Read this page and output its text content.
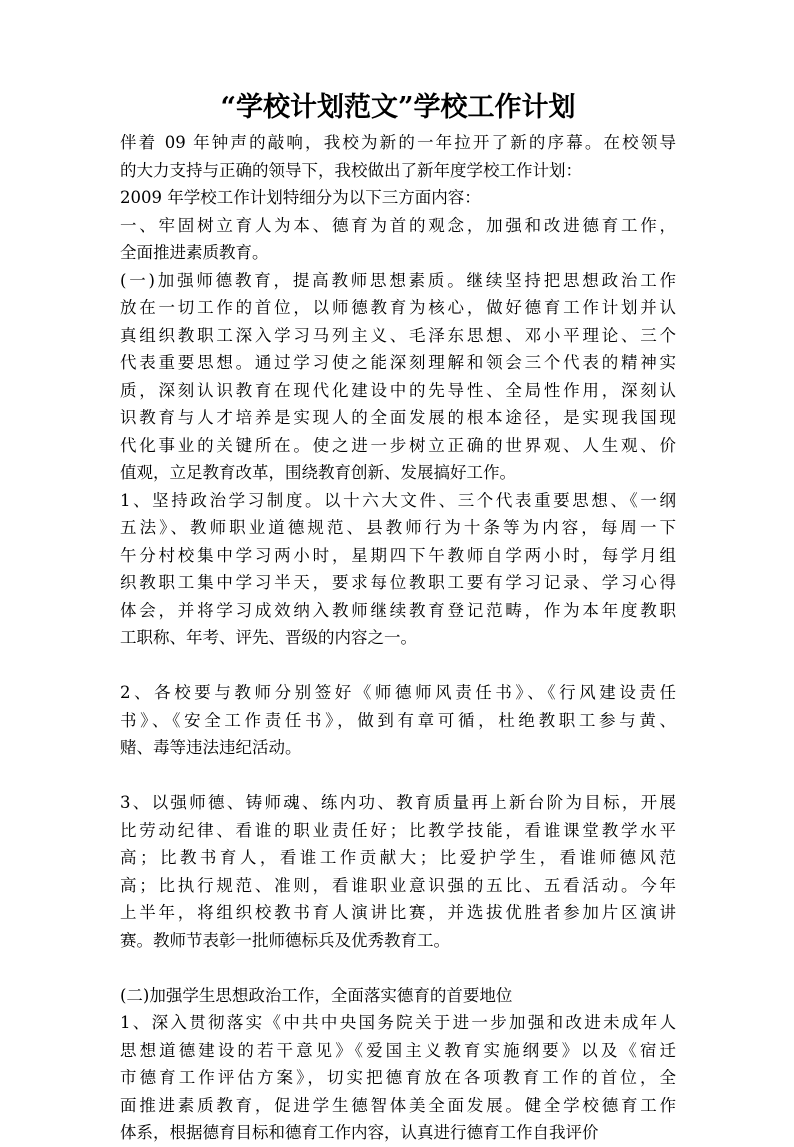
“学校计划范文”学校工作计划
伴着 09 年钟声的敲响，我校为新的一年拉开了新的序幕。在校领导
的大力支持与正确的领导下，我校做出了新年度学校工作计划：
2009 年学校工作计划特细分为以下三方面内容：
一、牢固树立育人为本、德育为首的观念，加强和改进德育工作，
全面推进素质教育。
(一)加强师德教育，提高教师思想素质。继续坚持把思想政治工作
放在一切工作的首位，以师德教育为核心，做好德育工作计划并认
真组织教职工深入学习马列主义、毛泽东思想、邓小平理论、三个
代表重要思想。通过学习使之能深刻理解和领会三个代表的精神实
质，深刻认识教育在现代化建设中的先导性、全局性作用，深刻认
识教育与人才培养是实现人的全面发展的根本途径，是实现我国现
代化事业的关键所在。使之进一步树立正确的世界观、人生观、价
值观，立足教育改革，围绕教育创新、发展搞好工作。
1、坚持政治学习制度。以十六大文件、三个代表重要思想、《一纲
五法》、教师职业道德规范、县教师行为十条等为内容，每周一下
午分村校集中学习两小时，星期四下午教师自学两小时，每学月组
织教职工集中学习半天，要求每位教职工要有学习记录、学习心得
体会，并将学习成效纳入教师继续教育登记范畴，作为本年度教职
工职称、年考、评先、晋级的内容之一。
2、各校要与教师分别签好《师德师风责任书》、《行风建设责任
书》、《安全工作责任书》，做到有章可循，杜绝教职工参与黄、
赌、毒等违法违纪活动。
3、以强师德、铸师魂、练内功、教育质量再上新台阶为目标，开展
比劳动纪律、看谁的职业责任好；比教学技能，看谁课堂教学水平
高；比教书育人，看谁工作贡献大；比爱护学生，看谁师德风范
高；比执行规范、准则，看谁职业意识强的五比、五看活动。今年
上半年，将组织校教书育人演讲比赛，并选拔优胜者参加片区演讲
赛。教师节表彰一批师德标兵及优秀教育工。
(二)加强学生思想政治工作，全面落实德育的首要地位
1、深入贯彻落实《中共中央国务院关于进一步加强和改进未成年人
思想道德建设的若干意见》《爱国主义教育实施纲要》以及《宿迁
市德育工作评估方案》，切实把德育放在各项教育工作的首位，全
面推进素质教育，促进学生德智体美全面发展。健全学校德育工作
体系，根据德育目标和德育工作内容，认真进行德育工作自我评价
